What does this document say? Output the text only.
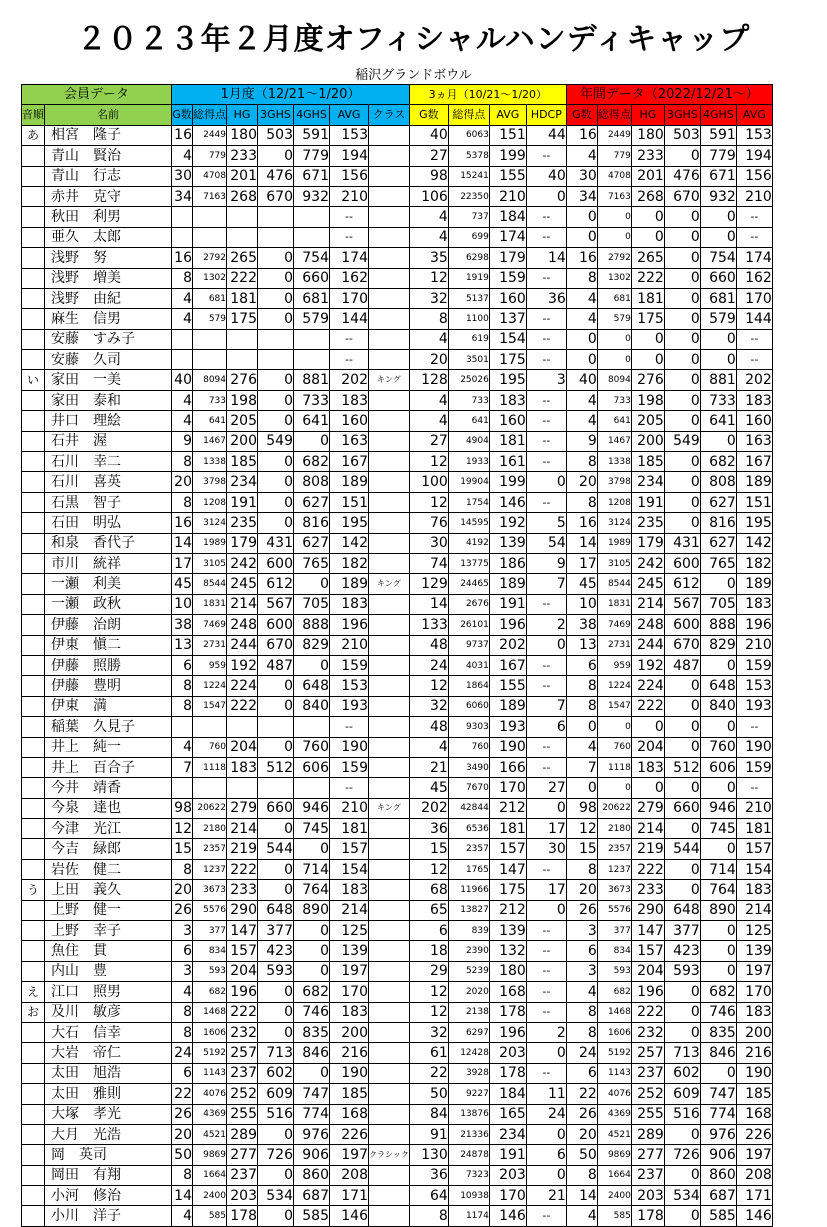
２０２３年２月度オフィシャルハンディキャップ
稲沢グランドボウル
会員データ		1月度（12/21～1/20）							3ヵ月（10/21～1/20）				年間データ（2022/12/21～）					
音順	名前	G数	総得点	HG	3GHS	4GHS	AVG	クラス	G数	総得点	AVG	HDCP	G数	総得点	HG	3GHS	4GHS	AVG
あ	相宮　隆子	16	2449	180	503	591	153		40	6063	151	44	16	2449	180	503	591	153
	青山　賢治	4	779	233	0	779	194		27	5378	199	--	4	779	233	0	779	194
	青山　行志	30	4708	201	476	671	156		98	15241	155	40	30	4708	201	476	671	156
	赤井　克守	34	7163	268	670	932	210		106	22350	210	0	34	7163	268	670	932	210
	秋田　利男						--		4	737	184	--	0	0	0	0	0	--
	亜久　太郎						--		4	699	174	--	0	0	0	0	0	--
	浅野　努	16	2792	265	0	754	174		35	6298	179	14	16	2792	265	0	754	174
	浅野　増美	8	1302	222	0	660	162		12	1919	159	--	8	1302	222	0	660	162
	浅野　由紀	4	681	181	0	681	170		32	5137	160	36	4	681	181	0	681	170
	麻生　信男	4	579	175	0	579	144		8	1100	137	--	4	579	175	0	579	144
	安藤　すみ子						--		4	619	154	--	0	0	0	0	0	--
	安藤　久司						--		20	3501	175	--	0	0	0	0	0	--
い	家田　一美	40	8094	276	0	881	202	キング	128	25026	195	3	40	8094	276	0	881	202
	家田　泰和	4	733	198	0	733	183		4	733	183	--	4	733	198	0	733	183
	井口　理絵	4	641	205	0	641	160		4	641	160	--	4	641	205	0	641	160
	石井　渥	9	1467	200	549	0	163		27	4904	181	--	9	1467	200	549	0	163
	石川　幸二	8	1338	185	0	682	167		12	1933	161	--	8	1338	185	0	682	167
	石川　喜英	20	3798	234	0	808	189		100	19904	199	0	20	3798	234	0	808	189
	石黒　智子	8	1208	191	0	627	151		12	1754	146	--	8	1208	191	0	627	151
	石田　明弘	16	3124	235	0	816	195		76	14595	192	5	16	3124	235	0	816	195
	和泉　香代子	14	1989	179	431	627	142		30	4192	139	54	14	1989	179	431	627	142
	市川　統祥	17	3105	242	600	765	182		74	13775	186	9	17	3105	242	600	765	182
	一瀬　利美	45	8544	245	612	0	189	キング	129	24465	189	7	45	8544	245	612	0	189
	一瀬　政秋	10	1831	214	567	705	183		14	2676	191	--	10	1831	214	567	705	183
	伊藤　治朗	38	7469	248	600	888	196		133	26101	196	2	38	7469	248	600	888	196
	伊東　愼二	13	2731	244	670	829	210		48	9737	202	0	13	2731	244	670	829	210
	伊藤　照勝	6	959	192	487	0	159		24	4031	167	--	6	959	192	487	0	159
	伊藤　豊明	8	1224	224	0	648	153		12	1864	155	--	8	1224	224	0	648	153
	伊東　満	8	1547	222	0	840	193		32	6060	189	7	8	1547	222	0	840	193
	稲葉　久見子						--		48	9303	193	6	0	0	0	0	0	--
	井上　純一	4	760	204	0	760	190		4	760	190	--	4	760	204	0	760	190
	井上　百合子	7	1118	183	512	606	159		21	3490	166	--	7	1118	183	512	606	159
	今井　靖香						--		45	7670	170	27	0	0	0	0	0	--
	今泉　達也	98	20622	279	660	946	210	キング	202	42844	212	0	98	20622	279	660	946	210
	今津　光江	12	2180	214	0	745	181		36	6536	181	17	12	2180	214	0	745	181
	今吉　緑郎	15	2357	219	544	0	157		15	2357	157	30	15	2357	219	544	0	157
	岩佐　健二	8	1237	222	0	714	154		12	1765	147	--	8	1237	222	0	714	154
う	上田　義久	20	3673	233	0	764	183		68	11966	175	17	20	3673	233	0	764	183
	上野　健一	26	5576	290	648	890	214		65	13827	212	0	26	5576	290	648	890	214
	上野　幸子	3	377	147	377	0	125		6	839	139	--	3	377	147	377	0	125
	魚住　貫	6	834	157	423	0	139		18	2390	132	--	6	834	157	423	0	139
	内山　豊	3	593	204	593	0	197		29	5239	180	--	3	593	204	593	0	197
え	江口　照男	4	682	196	0	682	170		12	2020	168	--	4	682	196	0	682	170
お	及川　敏彦	8	1468	222	0	746	183		12	2138	178	--	8	1468	222	0	746	183
	大石　信幸	8	1606	232	0	835	200		32	6297	196	2	8	1606	232	0	835	200
	大岩　帝仁	24	5192	257	713	846	216		61	12428	203	0	24	5192	257	713	846	216
	太田　旭浩	6	1143	237	602	0	190		22	3928	178	--	6	1143	237	602	0	190
	太田　雅則	22	4076	252	609	747	185		50	9227	184	11	22	4076	252	609	747	185
	大塚　孝光	26	4369	255	516	774	168		84	13876	165	24	26	4369	255	516	774	168
	大月　光浩	20	4521	289	0	976	226		91	21336	234	0	20	4521	289	0	976	226
	岡　英司	50	9869	277	726	906	197	クラシック	130	24878	191	6	50	9869	277	726	906	197
	岡田　有翔	8	1664	237	0	860	208		36	7323	203	0	8	1664	237	0	860	208
	小河　修治	14	2400	203	534	687	171		64	10938	170	21	14	2400	203	534	687	171
	小川　洋子	4	585	178	0	585	146		8	1174	146	--	4	585	178	0	585	146
